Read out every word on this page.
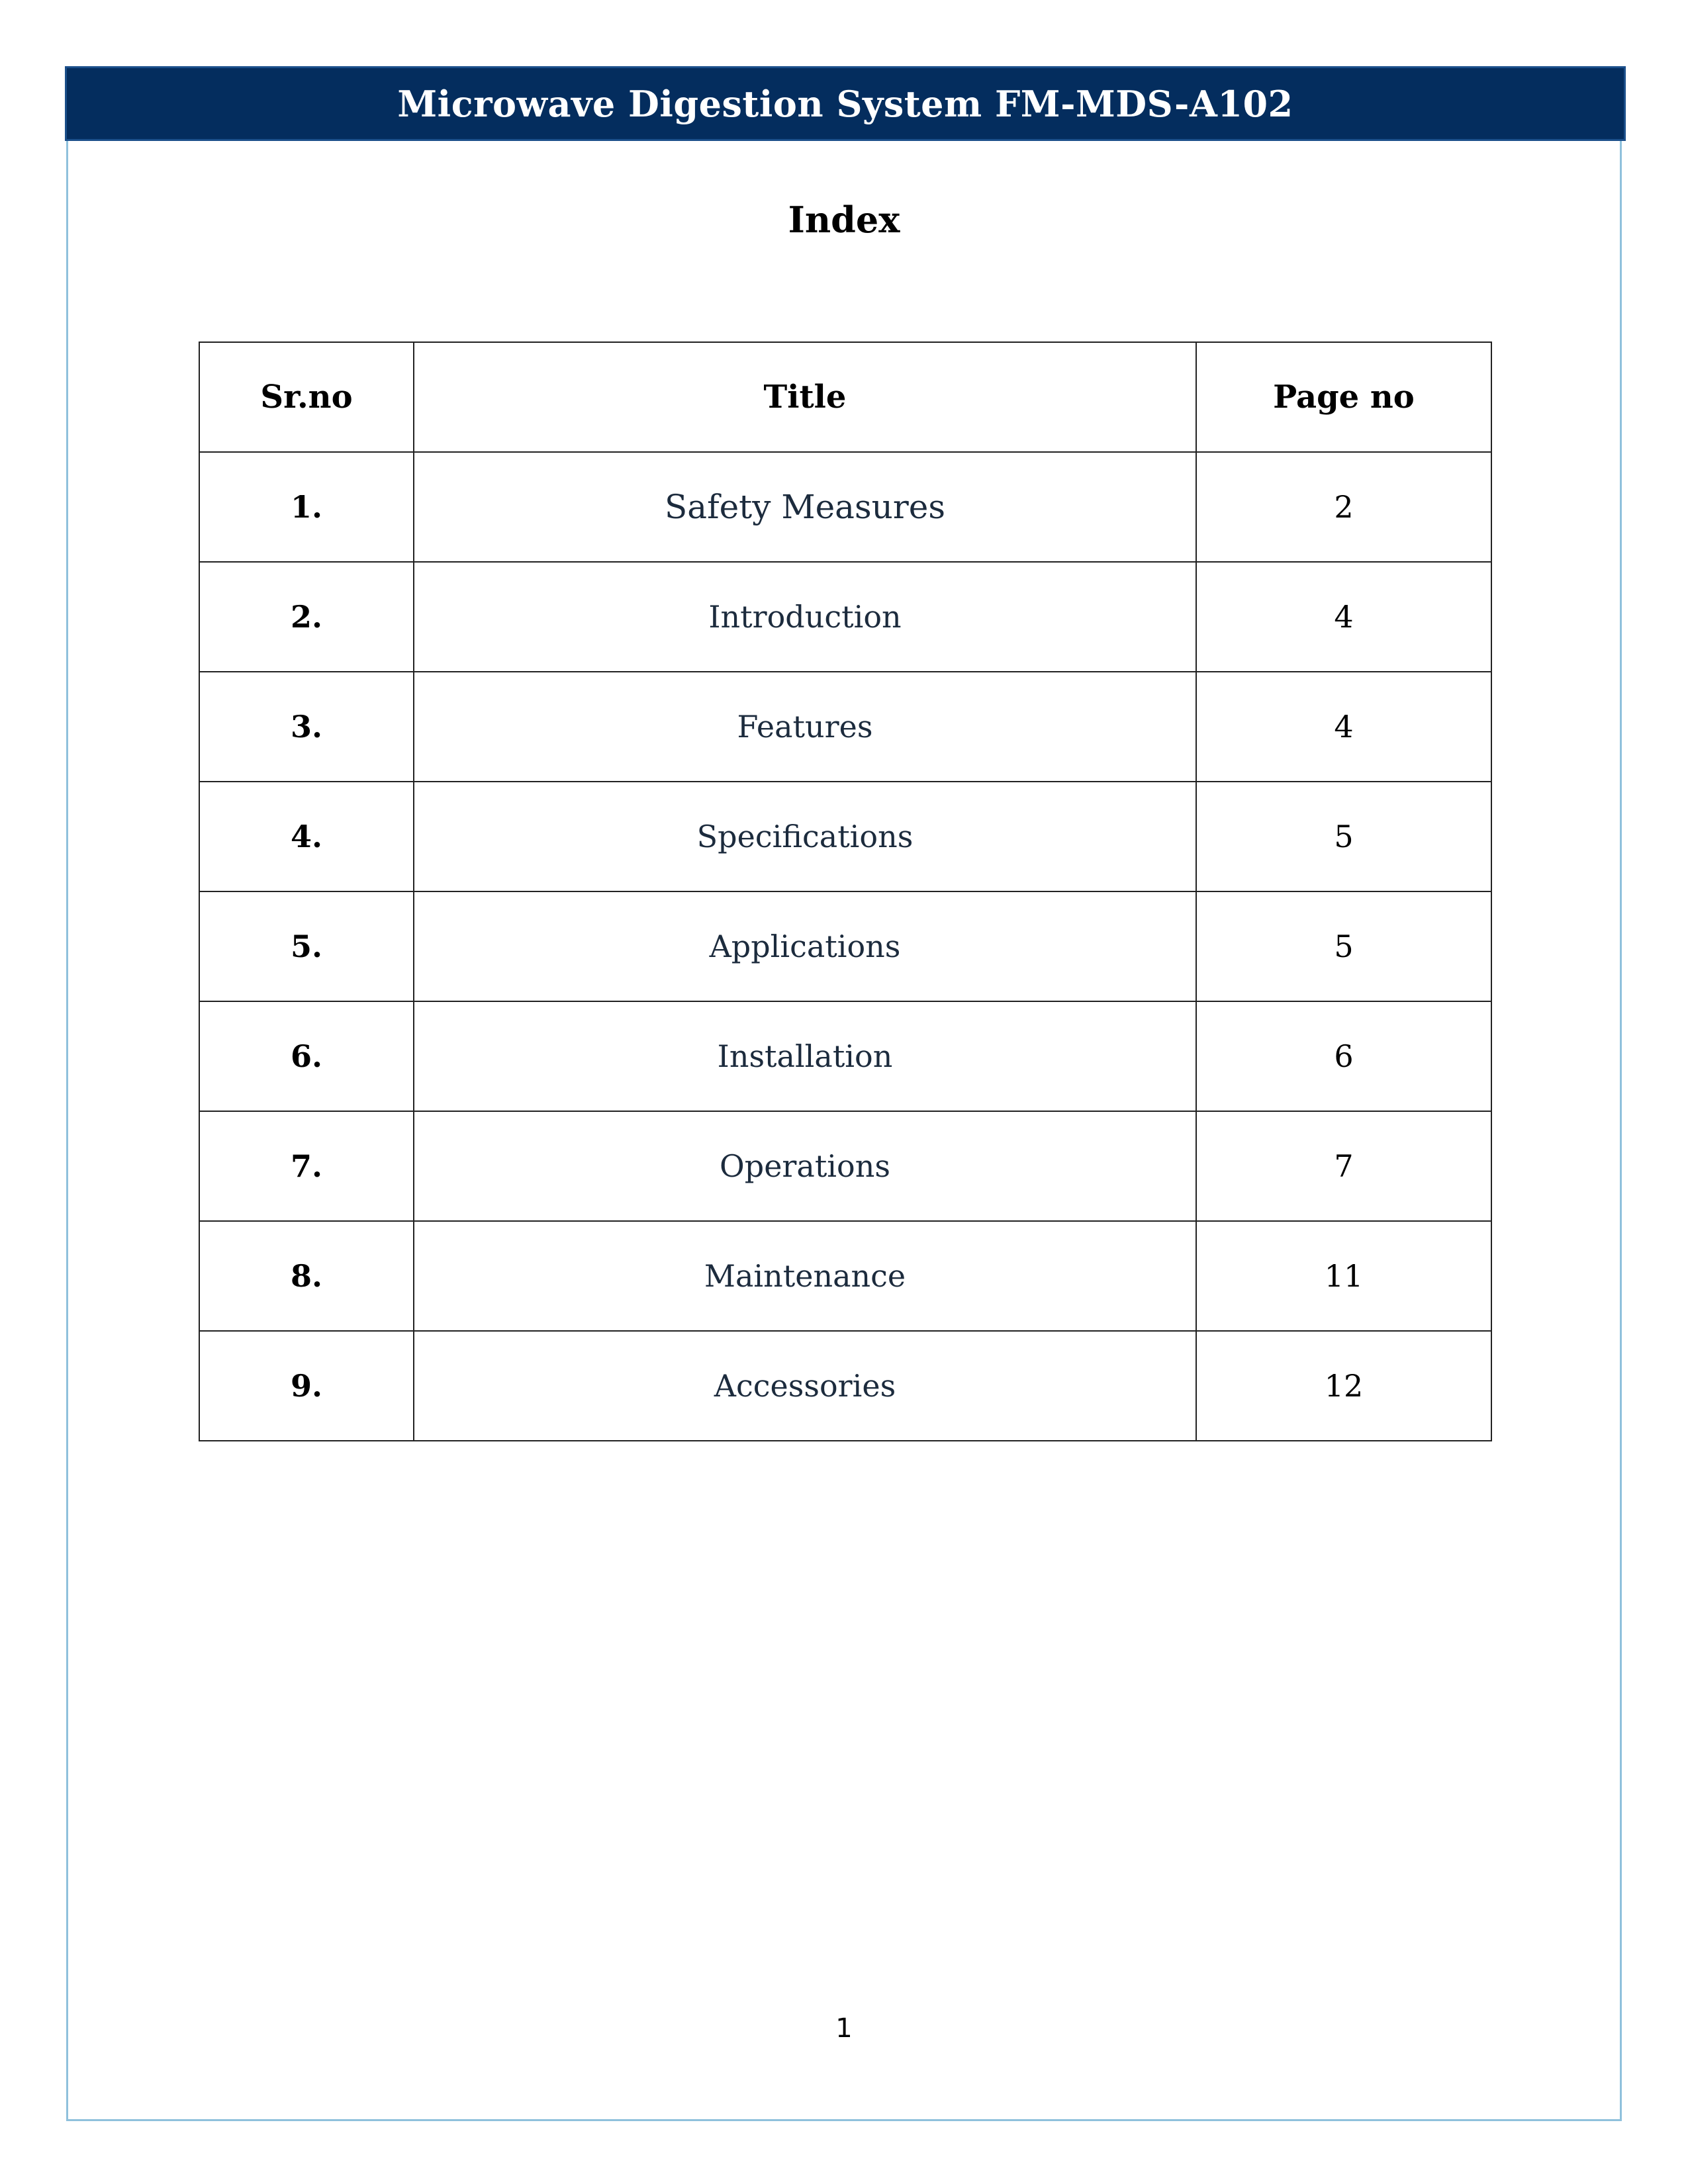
Microwave Digestion System FM-MDS-A102
Index
Sr.no	Title	Page no
1.	Safety Measures	2
2.	Introduction	4
3.	Features	4
4.	Specifications	5
5.	Applications	5
6.	Installation	6
7.	Operations	7
8.	Maintenance	11
9.	Accessories	12
1
